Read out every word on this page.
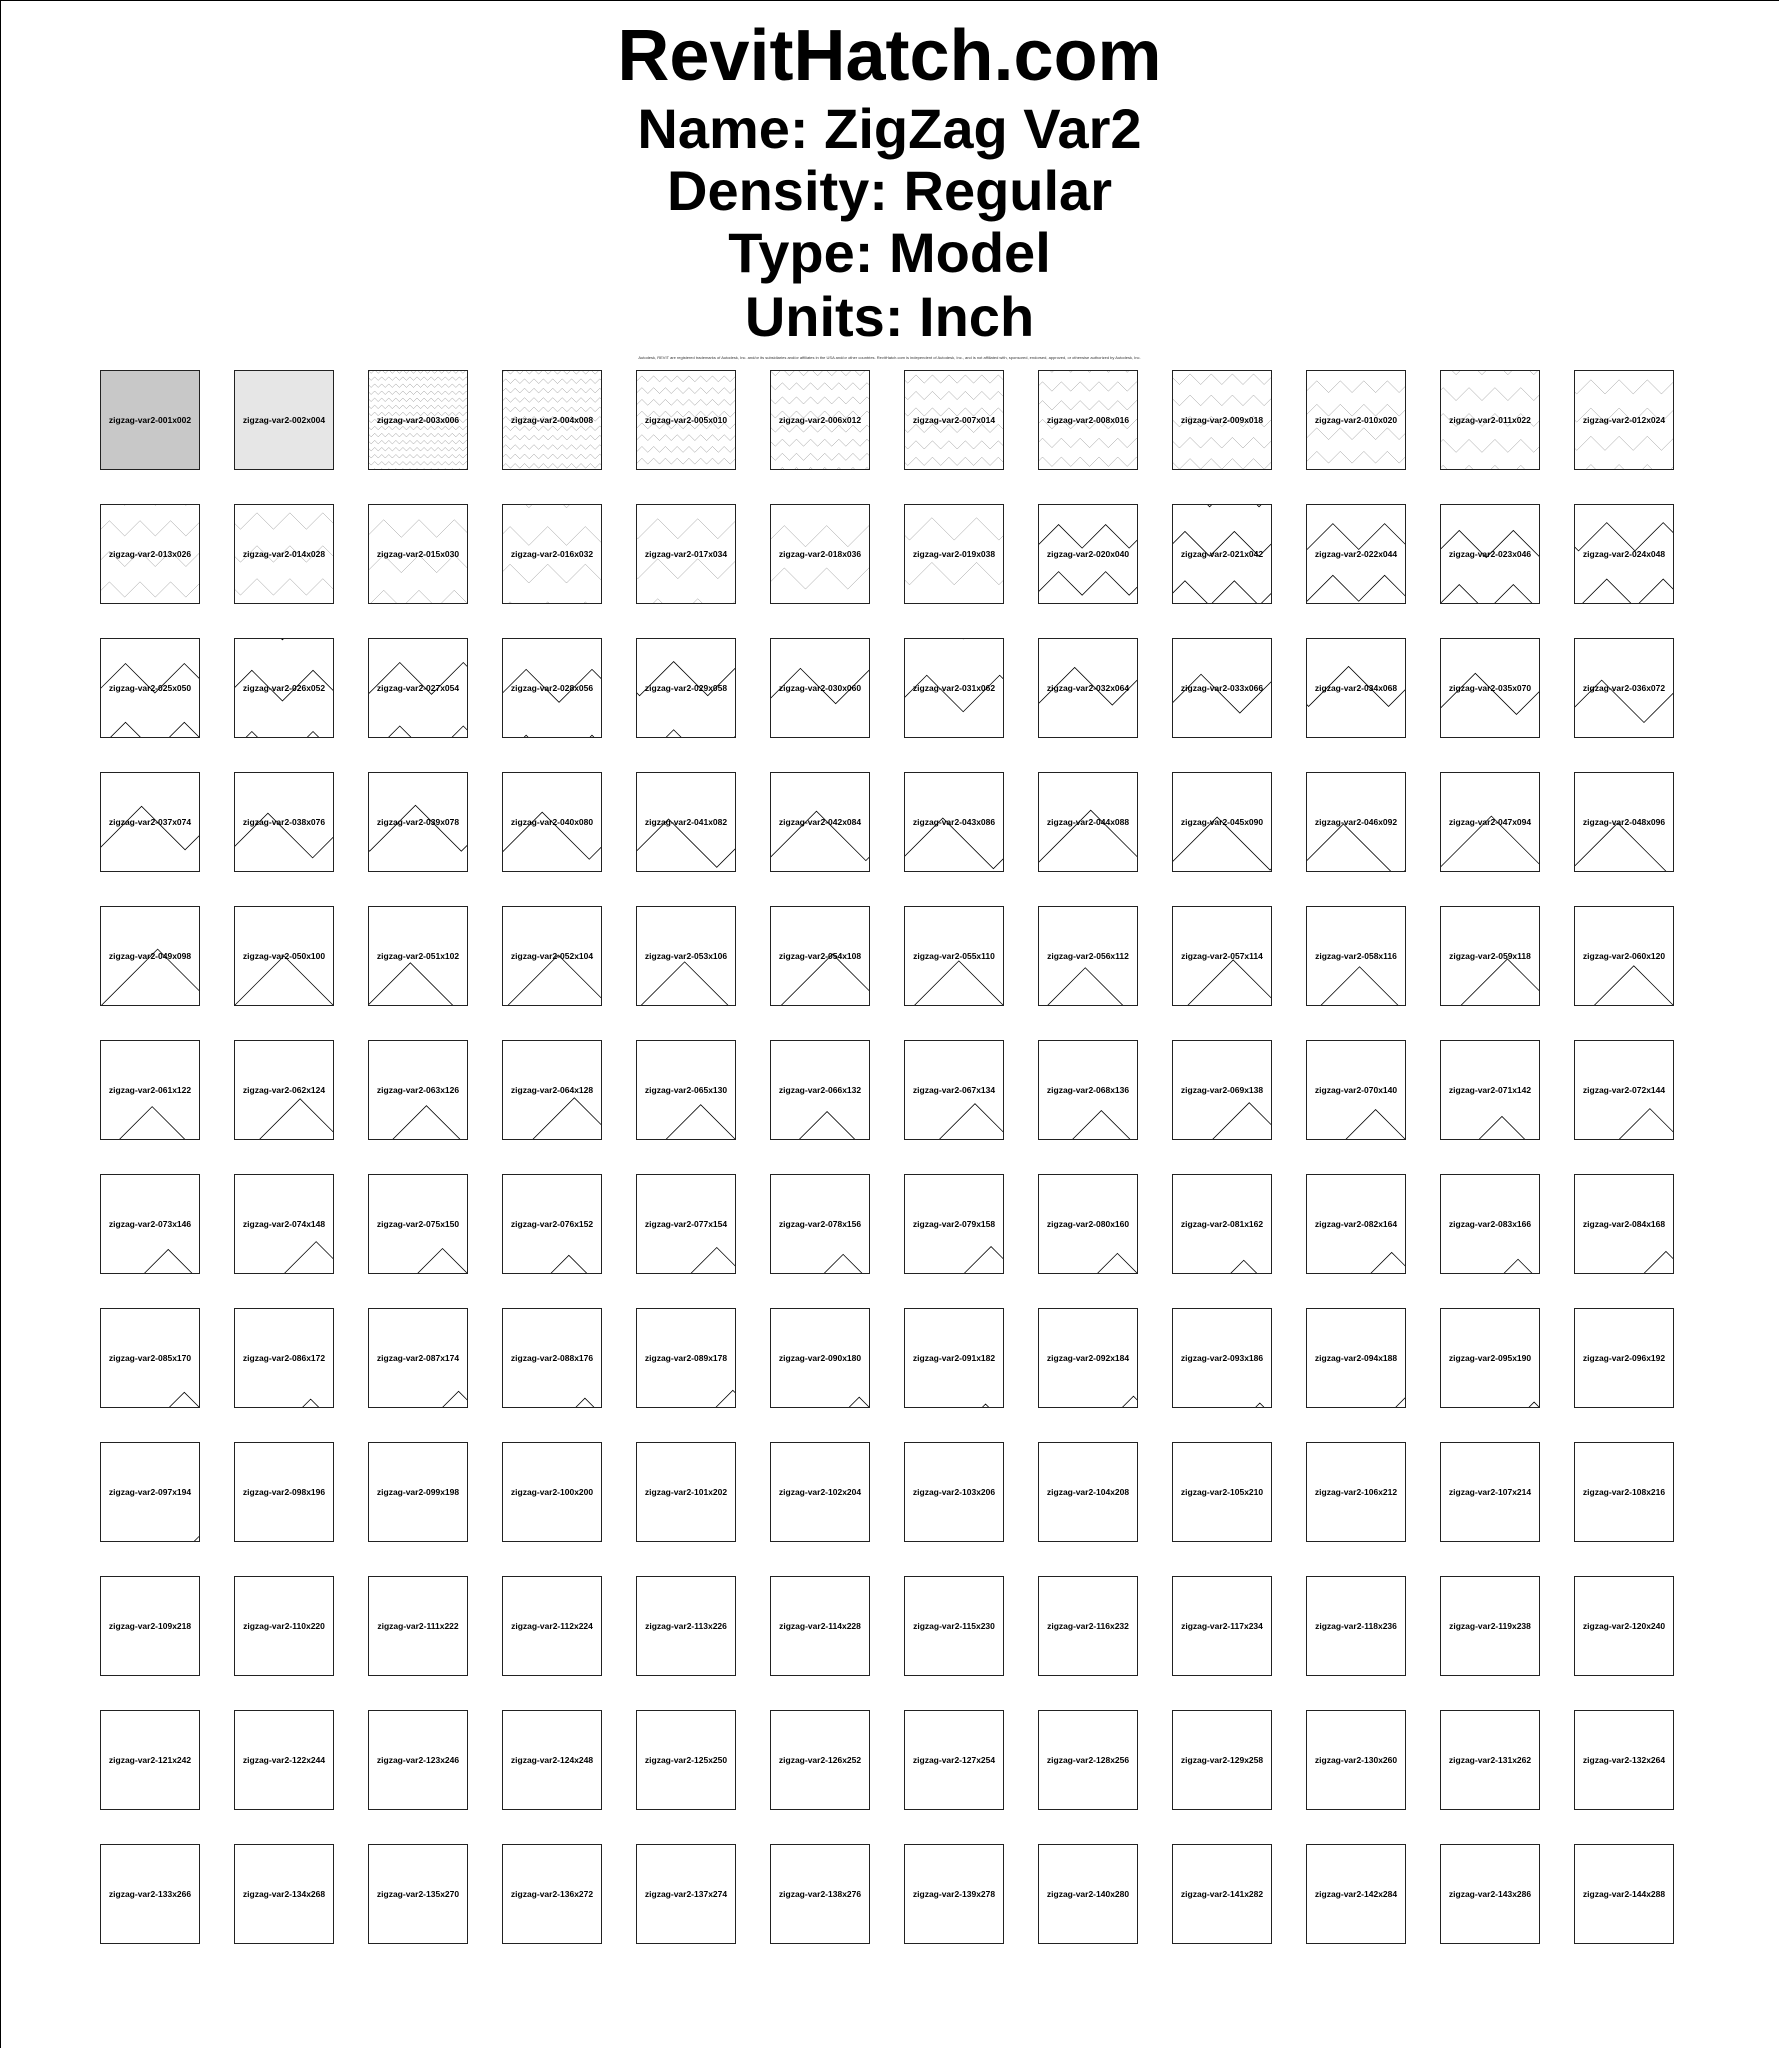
RevitHatch.com
Name: ZigZag Var2
Density: Regular
Type: Model
Units: Inch
Autodesk, REVIT are registered trademarks of Autodesk, Inc. and/or its subsidiaries and/or affiliates in the USA and/or other countries. RevitHatch.com is independent of Autodesk, Inc., and is not affiliated with, sponsored, endorsed, approved, or otherwise authorized by Autodesk, Inc.
zigzag-var2-001x002	zigzag-var2-002x004	zigzag-var2-003x006	zigzag-var2-004x008	zigzag-var2-005x010	zigzag-var2-006x012	zigzag-var2-007x014	zigzag-var2-008x016	zigzag-var2-009x018	zigzag-var2-010x020	zigzag-var2-011x022	zigzag-var2-012x024
zigzag-var2-013x026	zigzag-var2-014x028	zigzag-var2-015x030	zigzag-var2-016x032	zigzag-var2-017x034	zigzag-var2-018x036	zigzag-var2-019x038	zigzag-var2-020x040	zigzag-var2-021x042	zigzag-var2-022x044	zigzag-var2-023x046	zigzag-var2-024x048
zigzag-var2-025x050	zigzag-var2-026x052	zigzag-var2-027x054	zigzag-var2-028x056	zigzag-var2-029x058	zigzag-var2-030x060	zigzag-var2-031x062	zigzag-var2-032x064	zigzag-var2-033x066	zigzag-var2-034x068	zigzag-var2-035x070	zigzag-var2-036x072
zigzag-var2-037x074	zigzag-var2-038x076	zigzag-var2-039x078	zigzag-var2-040x080	zigzag-var2-041x082	zigzag-var2-042x084	zigzag-var2-043x086	zigzag-var2-044x088	zigzag-var2-045x090	zigzag-var2-046x092	zigzag-var2-047x094	zigzag-var2-048x096
zigzag-var2-049x098	zigzag-var2-050x100	zigzag-var2-051x102	zigzag-var2-052x104	zigzag-var2-053x106	zigzag-var2-054x108	zigzag-var2-055x110	zigzag-var2-056x112	zigzag-var2-057x114	zigzag-var2-058x116	zigzag-var2-059x118	zigzag-var2-060x120
zigzag-var2-061x122	zigzag-var2-062x124	zigzag-var2-063x126	zigzag-var2-064x128	zigzag-var2-065x130	zigzag-var2-066x132	zigzag-var2-067x134	zigzag-var2-068x136	zigzag-var2-069x138	zigzag-var2-070x140	zigzag-var2-071x142	zigzag-var2-072x144
zigzag-var2-073x146	zigzag-var2-074x148	zigzag-var2-075x150	zigzag-var2-076x152	zigzag-var2-077x154	zigzag-var2-078x156	zigzag-var2-079x158	zigzag-var2-080x160	zigzag-var2-081x162	zigzag-var2-082x164	zigzag-var2-083x166	zigzag-var2-084x168
zigzag-var2-085x170	zigzag-var2-086x172	zigzag-var2-087x174	zigzag-var2-088x176	zigzag-var2-089x178	zigzag-var2-090x180	zigzag-var2-091x182	zigzag-var2-092x184	zigzag-var2-093x186	zigzag-var2-094x188	zigzag-var2-095x190	zigzag-var2-096x192
zigzag-var2-097x194	zigzag-var2-098x196	zigzag-var2-099x198	zigzag-var2-100x200	zigzag-var2-101x202	zigzag-var2-102x204	zigzag-var2-103x206	zigzag-var2-104x208	zigzag-var2-105x210	zigzag-var2-106x212	zigzag-var2-107x214	zigzag-var2-108x216
zigzag-var2-109x218	zigzag-var2-110x220	zigzag-var2-111x222	zigzag-var2-112x224	zigzag-var2-113x226	zigzag-var2-114x228	zigzag-var2-115x230	zigzag-var2-116x232	zigzag-var2-117x234	zigzag-var2-118x236	zigzag-var2-119x238	zigzag-var2-120x240
zigzag-var2-121x242	zigzag-var2-122x244	zigzag-var2-123x246	zigzag-var2-124x248	zigzag-var2-125x250	zigzag-var2-126x252	zigzag-var2-127x254	zigzag-var2-128x256	zigzag-var2-129x258	zigzag-var2-130x260	zigzag-var2-131x262	zigzag-var2-132x264
zigzag-var2-133x266	zigzag-var2-134x268	zigzag-var2-135x270	zigzag-var2-136x272	zigzag-var2-137x274	zigzag-var2-138x276	zigzag-var2-139x278	zigzag-var2-140x280	zigzag-var2-141x282	zigzag-var2-142x284	zigzag-var2-143x286	zigzag-var2-144x288
